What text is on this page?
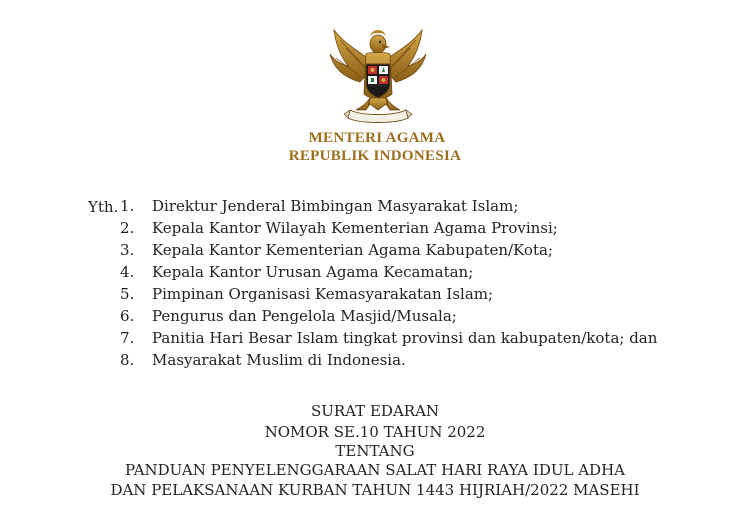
MENTERI AGAMA
REPUBLIK INDONESIA
Yth. 1.	Direktur Jenderal Bimbingan Masyarakat Islam;
2.	Kepala Kantor Wilayah Kementerian Agama Provinsi;
3.	Kepala Kantor Kementerian Agama Kabupaten/Kota;
4.	Kepala Kantor Urusan Agama Kecamatan;
5.	Pimpinan Organisasi Kemasyarakatan Islam;
6.	Pengurus dan Pengelola Masjid/Musala;
7.	Panitia Hari Besar Islam tingkat provinsi dan kabupaten/kota; dan
8.	Masyarakat Muslim di Indonesia.
SURAT EDARAN
NOMOR SE.10 TAHUN 2022
TENTANG
PANDUAN PENYELENGGARAAN SALAT HARI RAYA IDUL ADHA
DAN PELAKSANAAN KURBAN TAHUN 1443 HIJRIAH/2022 MASEHI
